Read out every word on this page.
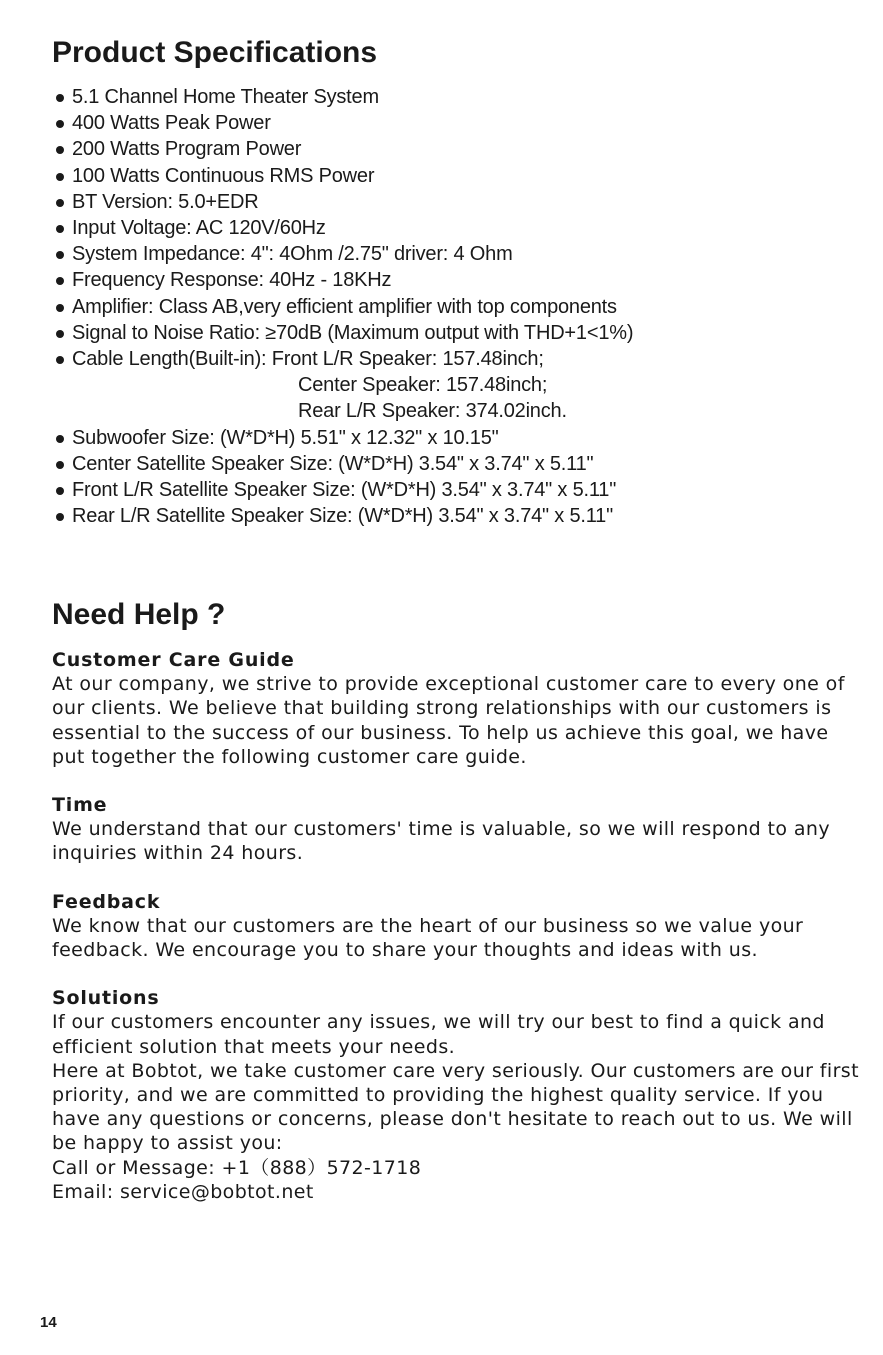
Product Specifications
5.1 Channel Home Theater System
400 Watts Peak Power
200 Watts Program Power
100 Watts Continuous RMS Power
BT Version: 5.0+EDR
Input Voltage: AC 120V/60Hz
System Impedance: 4": 4Ohm /2.75" driver: 4 Ohm
Frequency Response: 40Hz - 18KHz
Amplifier: Class AB,very efficient amplifier with top components
Signal to Noise Ratio: ≥70dB (Maximum output with THD+1<1%)
Cable Length(Built-in): Front L/R Speaker: 157.48inch;
Center Speaker: 157.48inch;
Rear L/R Speaker: 374.02inch.
Subwoofer Size: (W*D*H) 5.51" x 12.32" x 10.15"
Center Satellite Speaker Size: (W*D*H) 3.54" x 3.74" x 5.11"
Front L/R Satellite Speaker Size: (W*D*H) 3.54" x 3.74" x 5.11"
Rear L/R Satellite Speaker Size: (W*D*H) 3.54" x 3.74" x 5.11"
Need Help ?
Customer Care Guide

At our company, we strive to provide exceptional customer care to every one of our clients. We believe that building strong relationships with our customers is essential to the success of our business. To help us achieve this goal, we have put together the following customer care guide.

Time

We understand that our customers' time is valuable, so we will respond to any inquiries within 24 hours.

Feedback

We know that our customers are the heart of our business so we value your feedback. We encourage you to share your thoughts and ideas with us.

Solutions

If our customers encounter any issues, we will try our best to find a quick and efficient solution that meets your needs.

Here at Bobtot, we take customer care very seriously. Our customers are our first priority, and we are committed to providing the highest quality service. If you have any questions or concerns, please don't hesitate to reach out to us. We will be happy to assist you:

Call or Message: +1（888）572-1718

Email: service@bobtot.net

14
